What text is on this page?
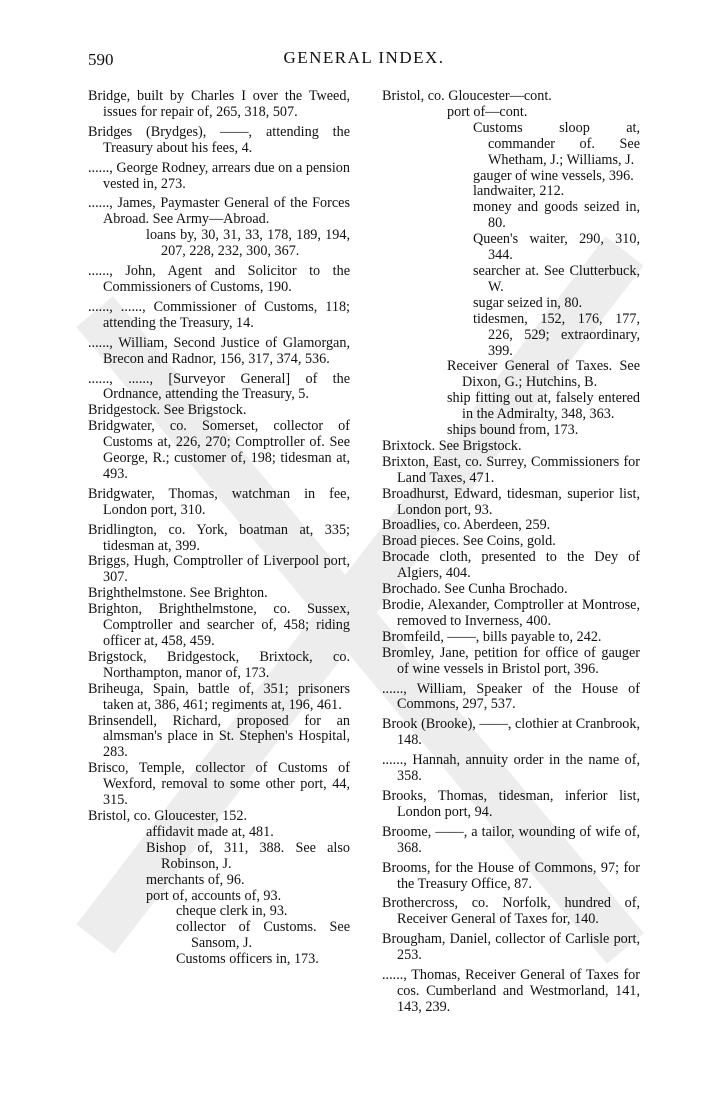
590	GENERAL INDEX.
Bridge, built by Charles I over the Tweed, issues for repair of, 265, 318, 507.
Bridges (Brydges), ——, attending the Treasury about his fees, 4.
......, George Rodney, arrears due on a pension vested in, 273.
......, James, Paymaster General of the Forces Abroad. See Army—Abroad.
loans by, 30, 31, 33, 178, 189, 194, 207, 228, 232, 300, 367.
......, John, Agent and Solicitor to the Commissioners of Customs, 190.
......, ......, Commissioner of Customs, 118; attending the Treasury, 14.
......, William, Second Justice of Glamorgan, Brecon and Radnor, 156, 317, 374, 536.
......, ......, [Surveyor General] of the Ordnance, attending the Treasury, 5.
Bridgestock. See Brigstock.
Bridgwater, co. Somerset, collector of Customs at, 226, 270; Comptroller of. See George, R.; customer of, 198; tidesman at, 493.
Bridgwater, Thomas, watchman in fee, London port, 310.
Bridlington, co. York, boatman at, 335; tidesman at, 399.
Briggs, Hugh, Comptroller of Liverpool port, 307.
Brighthelmstone. See Brighton.
Brighton, Brighthelmstone, co. Sussex, Comptroller and searcher of, 458; riding officer at, 458, 459.
Brigstock, Bridgestock, Brixtock, co. Northampton, manor of, 173.
Briheuga, Spain, battle of, 351; prisoners taken at, 386, 461; regiments at, 196, 461.
Brinsendell, Richard, proposed for an almsman's place in St. Stephen's Hospital, 283.
Brisco, Temple, collector of Customs of Wexford, removal to some other port, 44, 315.
Bristol, co. Gloucester, 152.
affidavit made at, 481.
Bishop of, 311, 388. See also Robinson, J.
merchants of, 96.
port of, accounts of, 93.
cheque clerk in, 93.
collector of Customs. See Sansom, J.
Customs officers in, 173.
Bristol, co. Gloucester—cont.
port of—cont.
Customs sloop at, commander of. See Whetham, J.; Williams, J.
gauger of wine vessels, 396.
landwaiter, 212.
money and goods seized in, 80.
Queen's waiter, 290, 310, 344.
searcher at. See Clutterbuck, W.
sugar seized in, 80.
tidesmen, 152, 176, 177, 226, 529; extraordinary, 399.
Receiver General of Taxes. See Dixon, G.; Hutchins, B.
ship fitting out at, falsely entered in the Admiralty, 348, 363.
ships bound from, 173.
Brixtock. See Brigstock.
Brixton, East, co. Surrey, Commissioners for Land Taxes, 471.
Broadhurst, Edward, tidesman, superior list, London port, 93.
Broadlies, co. Aberdeen, 259.
Broad pieces. See Coins, gold.
Brocade cloth, presented to the Dey of Algiers, 404.
Brochado. See Cunha Brochado.
Brodie, Alexander, Comptroller at Montrose, removed to Inverness, 400.
Bromfeild, ——, bills payable to, 242.
Bromley, Jane, petition for office of gauger of wine vessels in Bristol port, 396.
......, William, Speaker of the House of Commons, 297, 537.
Brook (Brooke), ——, clothier at Cranbrook, 148.
......, Hannah, annuity order in the name of, 358.
Brooks, Thomas, tidesman, inferior list, London port, 94.
Broome, ——, a tailor, wounding of wife of, 368.
Brooms, for the House of Commons, 97; for the Treasury Office, 87.
Brothercross, co. Norfolk, hundred of, Receiver General of Taxes for, 140.
Brougham, Daniel, collector of Carlisle port, 253.
......, Thomas, Receiver General of Taxes for cos. Cumberland and Westmorland, 141, 143, 239.
